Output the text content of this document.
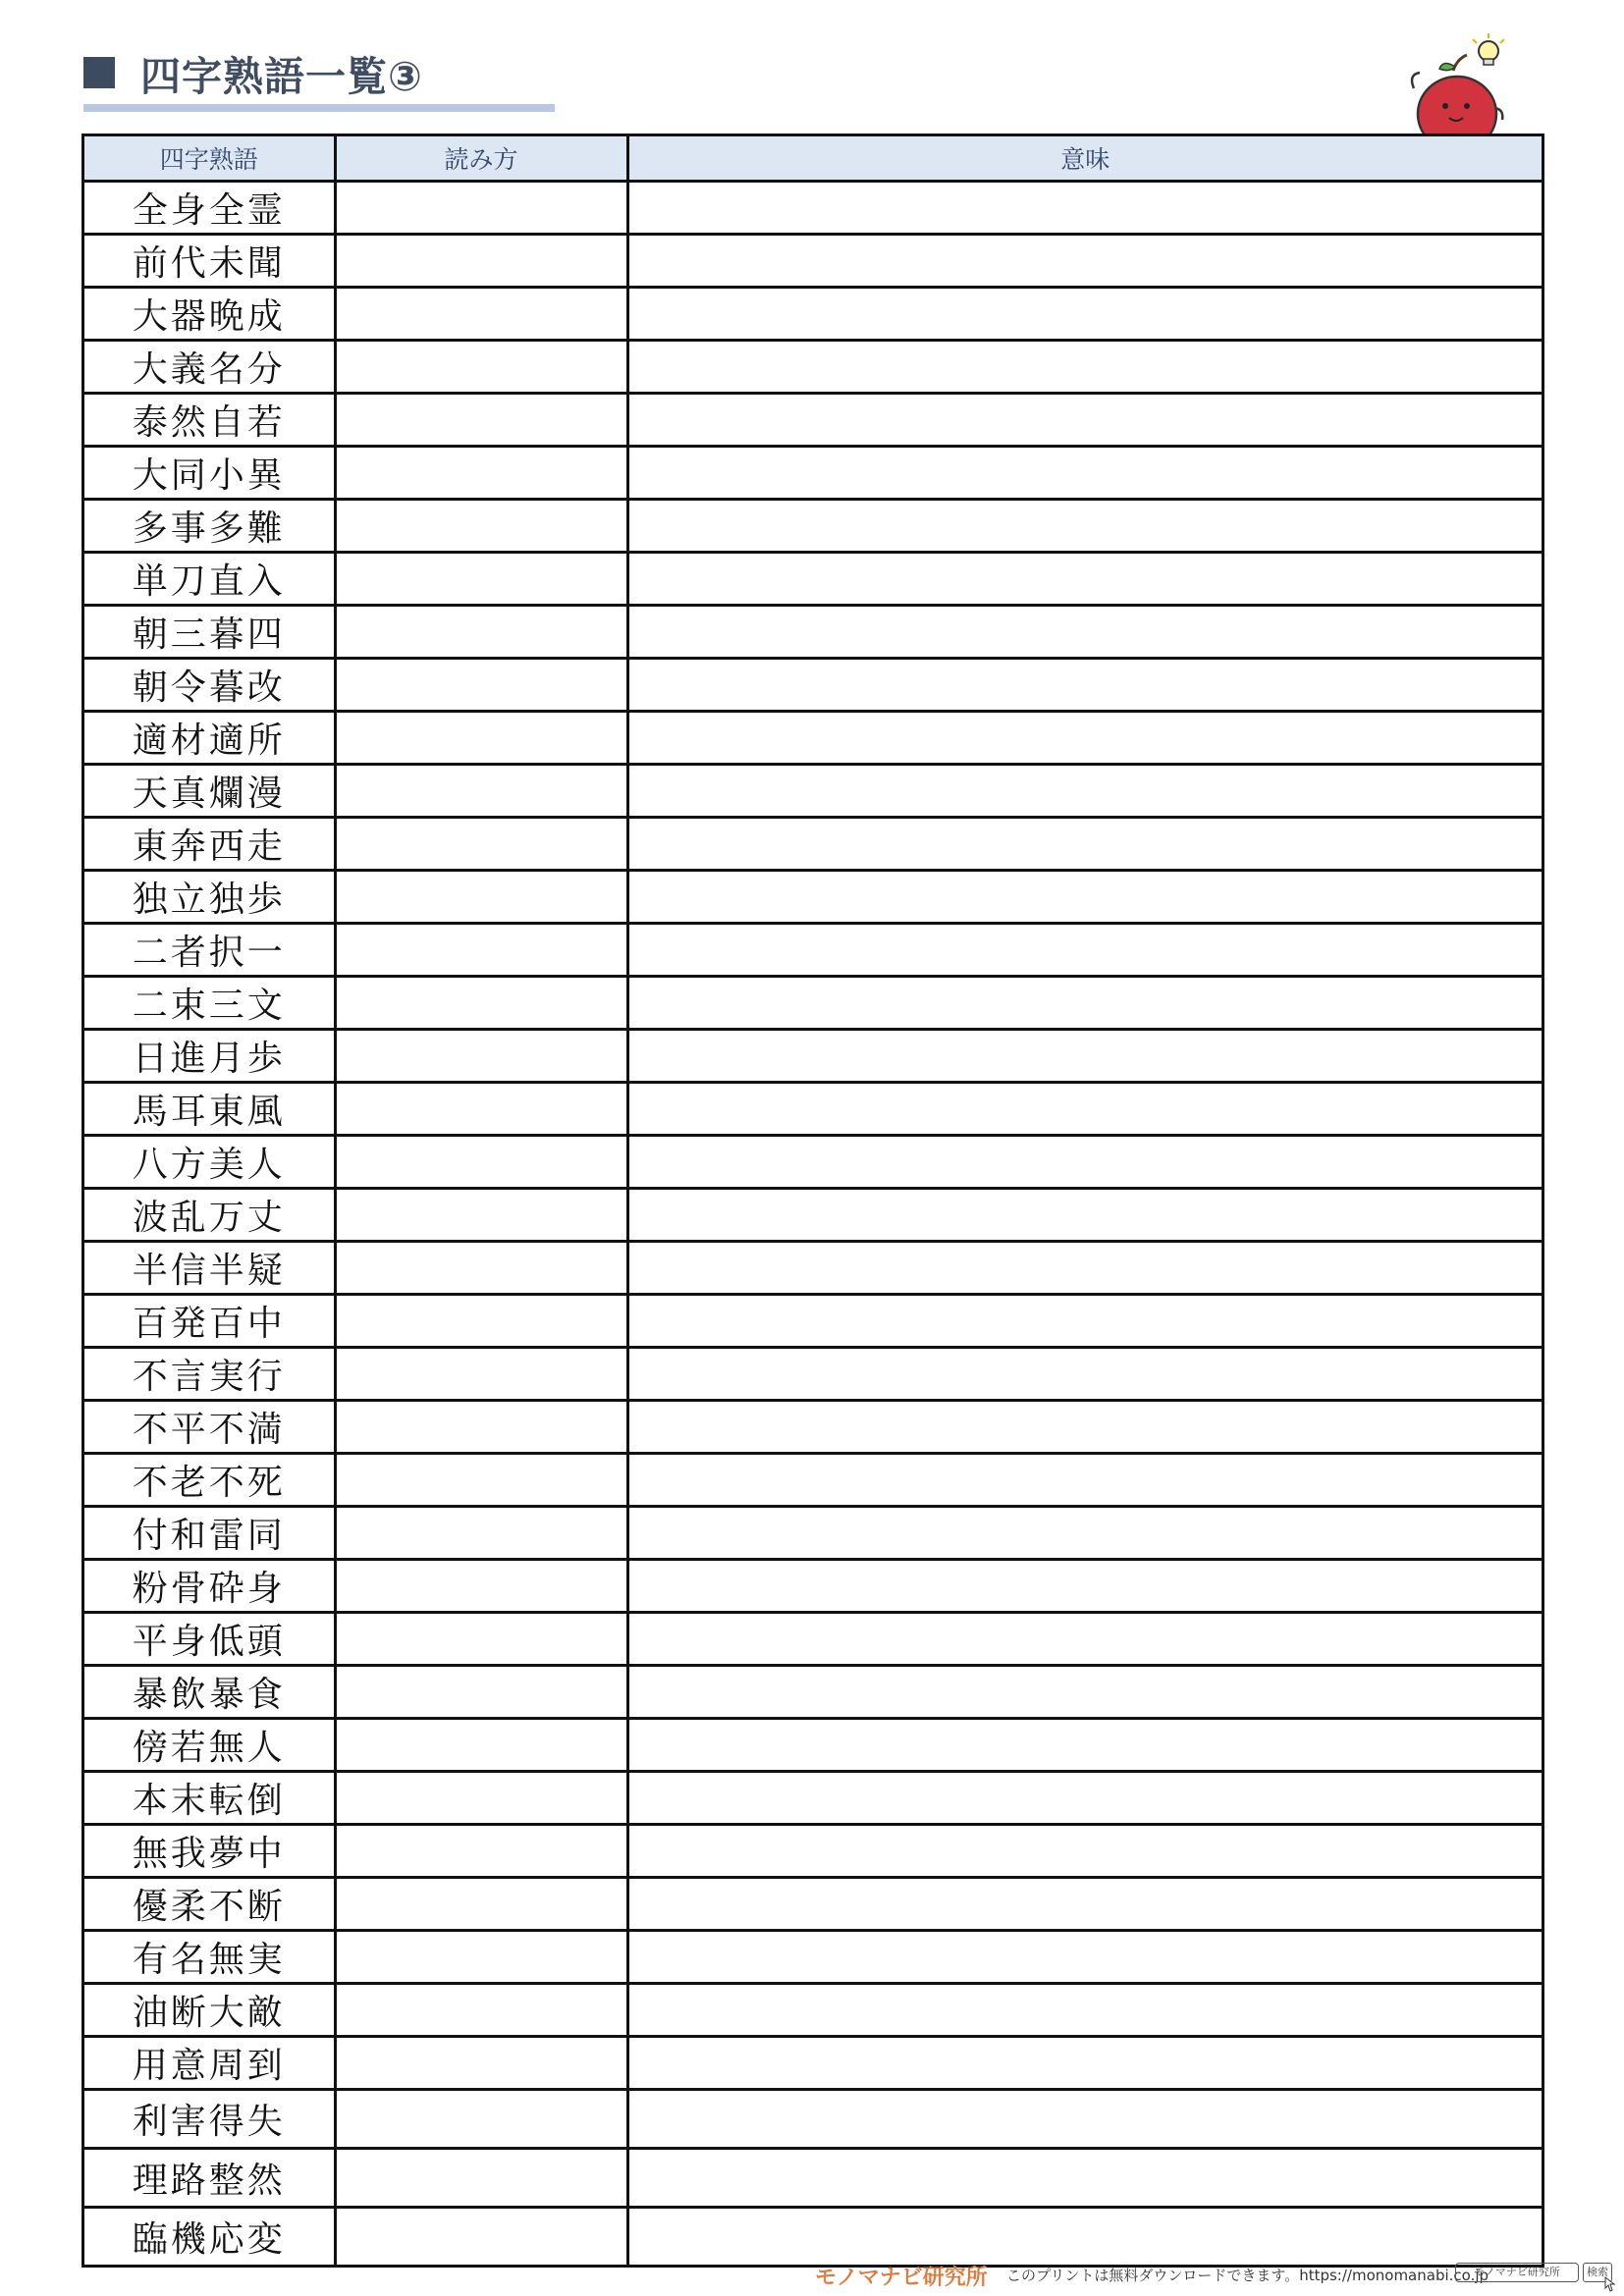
四字熟語一覧③
四字熟語	読み方	意味
全身全霊		
前代未聞		
大器晩成		
大義名分		
泰然自若		
大同小異		
多事多難		
単刀直入		
朝三暮四		
朝令暮改		
適材適所		
天真爛漫		
東奔西走		
独立独歩		
二者択一		
二束三文		
日進月歩		
馬耳東風		
八方美人		
波乱万丈		
半信半疑		
百発百中		
不言実行		
不平不満		
不老不死		
付和雷同		
粉骨砕身		
平身低頭		
暴飲暴食		
傍若無人		
本末転倒		
無我夢中		
優柔不断		
有名無実		
油断大敵		
用意周到		
利害得失		
理路整然		
臨機応変		
モノマナビ研究所 このプリントは無料ダウンロードできます。https://monomanabi.co.jp
モノマナビ研究所	検索
